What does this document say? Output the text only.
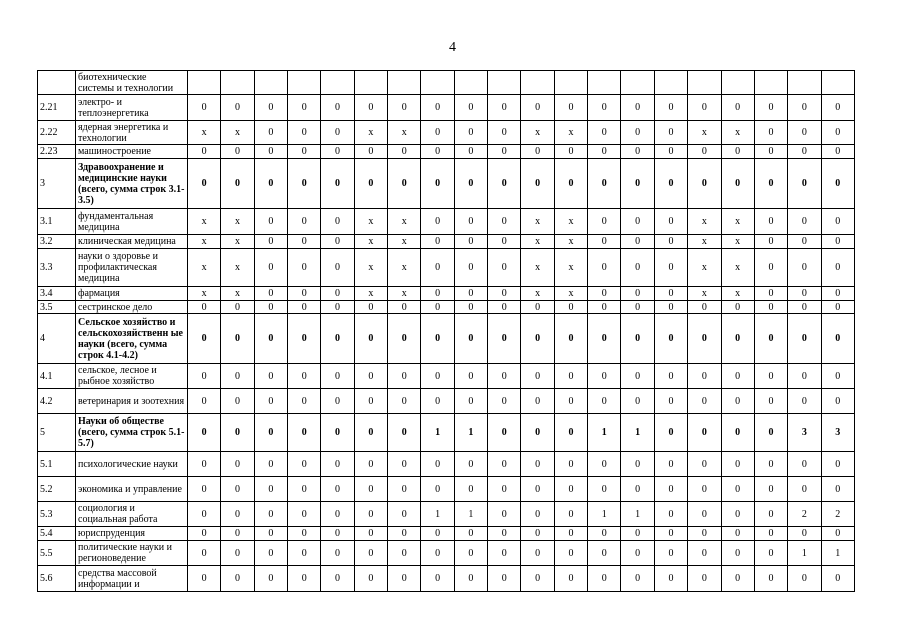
4
	биотехнические системы и технологии																				
2.21	электро- и теплоэнергетика	0	0	0	0	0	0	0	0	0	0	0	0	0	0	0	0	0	0	0	0
2.22	ядерная энергетика и технологии	x	x	0	0	0	x	x	0	0	0	x	x	0	0	0	x	x	0	0	0
2.23	машиностроение	0	0	0	0	0	0	0	0	0	0	0	0	0	0	0	0	0	0	0	0
3	Здравоохранение и медицинские науки (всего, сумма строк 3.1-3.5)	0	0	0	0	0	0	0	0	0	0	0	0	0	0	0	0	0	0	0	0
3.1	фундаментальная медицина	x	x	0	0	0	x	x	0	0	0	x	x	0	0	0	x	x	0	0	0
3.2	клиническая медицина	x	x	0	0	0	x	x	0	0	0	x	x	0	0	0	x	x	0	0	0
3.3	науки о здоровье и профилактическая медицина	x	x	0	0	0	x	x	0	0	0	x	x	0	0	0	x	x	0	0	0
3.4	фармация	x	x	0	0	0	x	x	0	0	0	x	x	0	0	0	x	x	0	0	0
3.5	сестринское дело	0	0	0	0	0	0	0	0	0	0	0	0	0	0	0	0	0	0	0	0
4	Сельское хозяйство и сельскохозяйственн ые науки (всего, сумма строк 4.1-4.2)	0	0	0	0	0	0	0	0	0	0	0	0	0	0	0	0	0	0	0	0
4.1	сельское, лесное и рыбное хозяйство	0	0	0	0	0	0	0	0	0	0	0	0	0	0	0	0	0	0	0	0
4.2	ветеринария и зоотехния	0	0	0	0	0	0	0	0	0	0	0	0	0	0	0	0	0	0	0	0
5	Науки об обществе (всего, сумма строк 5.1-5.7)	0	0	0	0	0	0	0	1	1	0	0	0	1	1	0	0	0	0	3	3
5.1	психологические науки	0	0	0	0	0	0	0	0	0	0	0	0	0	0	0	0	0	0	0	0
5.2	экономика и управление	0	0	0	0	0	0	0	0	0	0	0	0	0	0	0	0	0	0	0	0
5.3	социология и социальная работа	0	0	0	0	0	0	0	1	1	0	0	0	1	1	0	0	0	0	2	2
5.4	юриспруденция	0	0	0	0	0	0	0	0	0	0	0	0	0	0	0	0	0	0	0	0
5.5	политические науки и регионоведение	0	0	0	0	0	0	0	0	0	0	0	0	0	0	0	0	0	0	1	1
5.6	средства массовой информации и	0	0	0	0	0	0	0	0	0	0	0	0	0	0	0	0	0	0	0	0
